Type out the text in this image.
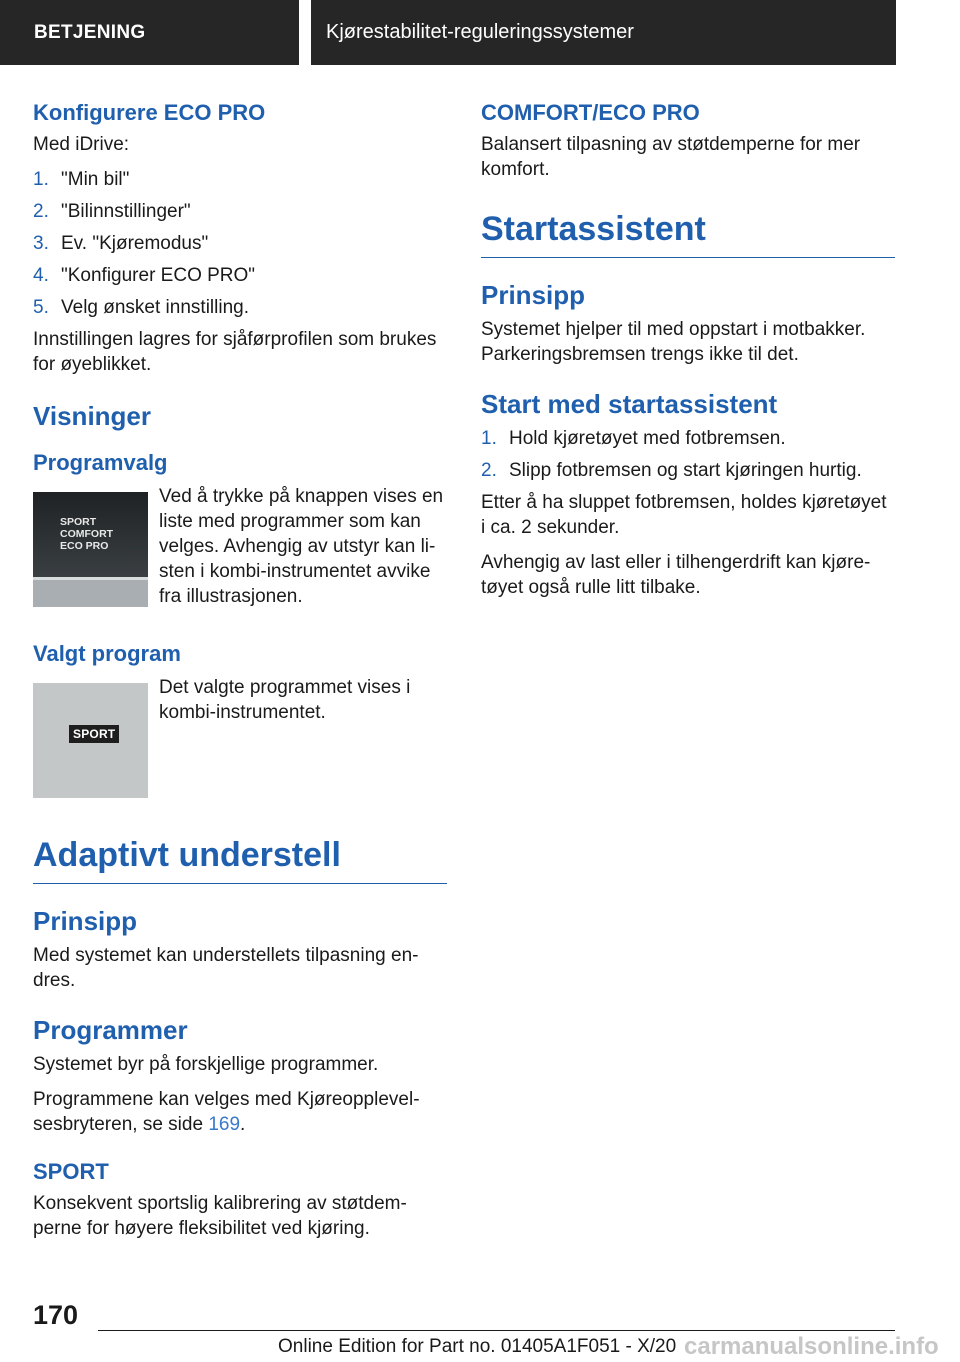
BETJENING	Kjørestabilitet-reguleringssystemer
Konfigurere ECO PRO

Med iDrive:

1. "Min bil"
2. "Bilinnstillinger"
3. Ev. "Kjøremodus"
4. "Konfigurer ECO PRO"
5. Velg ønsket innstilling.

Innstillingen lagres for sjåførprofilen som brukes for øyeblikket.

Visninger
Programvalg
SPORT
COMFORT
ECO PRO

Ved å trykke på knappen vises en liste med programmer som kan velges. Avhengig av utstyr kan listen i kombi-instrumentet avvike fra illustrasjonen.

Valgt program
SPORT

Det valgte programmet vises i kombi-instrumentet.

Adaptivt understell
Prinsipp

Med systemet kan understellets tilpasning endres.

Programmer

Systemet byr på forskjellige programmer.

Programmene kan velges med Kjøreopplevelsesbryteren, se side 169.

SPORT

Konsekvent sportslig kalibrering av støtdemperne for høyere fleksibilitet ved kjøring.

COMFORT/ECO PRO

Balansert tilpasning av støtdemperne for mer komfort.

Startassistent
Prinsipp

Systemet hjelper til med oppstart i motbakker. Parkeringsbremsen trengs ikke til det.

Start med startassistent
1. Hold kjøretøyet med fotbremsen.
2. Slipp fotbremsen og start kjøringen hurtig.

Etter å ha sluppet fotbremsen, holdes kjøretøyet i ca. 2 sekunder.

Avhengig av last eller i tilhengerdrift kan kjøretøyet også rulle litt tilbake.

170
Online Edition for Part no. 01405A1F051 - X/20 carmanualsonline.info
